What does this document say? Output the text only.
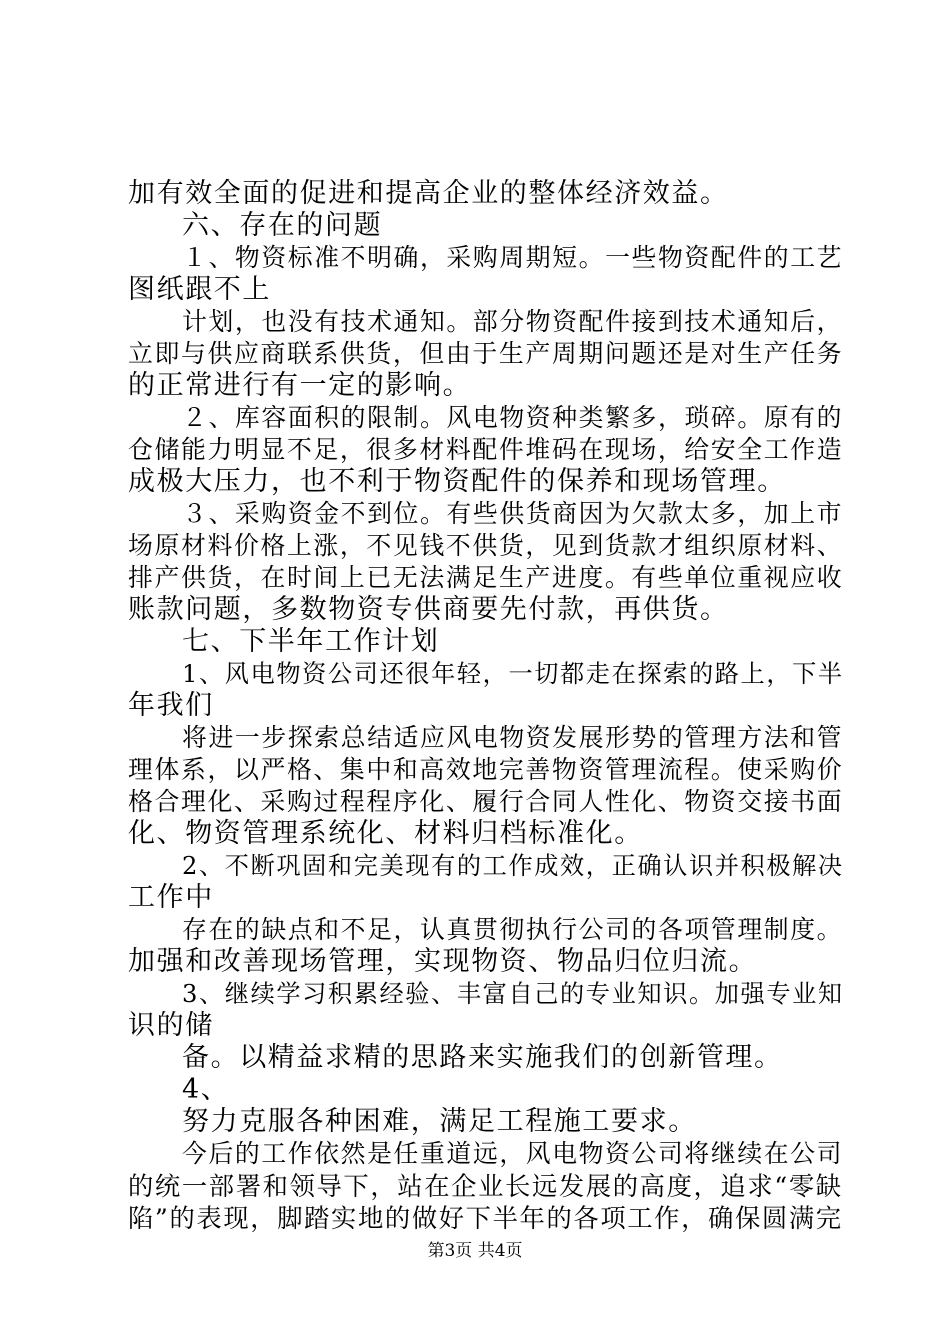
加有效全面的促进和提高企业的整体经济效益。
六、存在的问题
１、物资标准不明确，采购周期短。一些物资配件的工艺
图纸跟不上
计划，也没有技术通知。部分物资配件接到技术通知后，
立即与供应商联系供货，但由于生产周期问题还是对生产任务
的正常进行有一定的影响。
２、库容面积的限制。风电物资种类繁多，琐碎。原有的
仓储能力明显不足，很多材料配件堆码在现场，给安全工作造
成极大压力，也不利于物资配件的保养和现场管理。
３、采购资金不到位。有些供货商因为欠款太多，加上市
场原材料价格上涨，不见钱不供货，见到货款才组织原材料、
排产供货，在时间上已无法满足生产进度。有些单位重视应收
账款问题，多数物资专供商要先付款，再供货。
七、下半年工作计划
1、风电物资公司还很年轻，一切都走在探索的路上，下半
年我们
将进一步探索总结适应风电物资发展形势的管理方法和管
理体系，以严格、集中和高效地完善物资管理流程。使采购价
格合理化、采购过程程序化、履行合同人性化、物资交接书面
化、物资管理系统化、材料归档标准化。
2、不断巩固和完美现有的工作成效，正确认识并积极解决
工作中
存在的缺点和不足，认真贯彻执行公司的各项管理制度。
加强和改善现场管理，实现物资、物品归位归流。
3、继续学习积累经验、丰富自己的专业知识。加强专业知
识的储
备。以精益求精的思路来实施我们的创新管理。
4、
努力克服各种困难，满足工程施工要求。
今后的工作依然是任重道远，风电物资公司将继续在公司
的统一部署和领导下，站在企业长远发展的高度，追求“零缺
陷”的表现，脚踏实地的做好下半年的各项工作，确保圆满完
第3页 共4页
